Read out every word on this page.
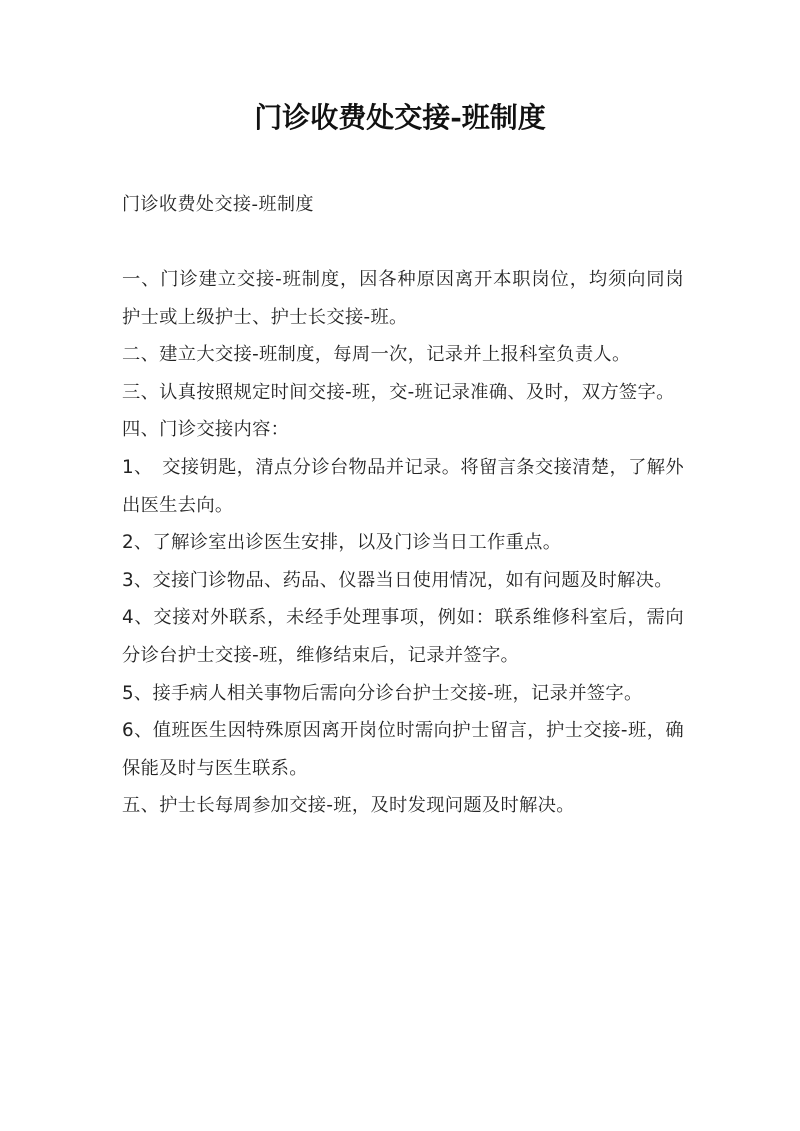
门诊收费处交接-班制度

门诊收费处交接-班制度

一、门诊建立交接-班制度，因各种原因离开本职岗位，均须向同岗护士或上级护士、护士长交接-班。

二、建立大交接-班制度，每周一次，记录并上报科室负责人。

三、认真按照规定时间交接-班，交-班记录准确、及时，双方签字。

四、门诊交接内容：

1、　交接钥匙，清点分诊台物品并记录。将留言条交接清楚，了解外出医生去向。

2、了解诊室出诊医生安排，以及门诊当日工作重点。

3、交接门诊物品、药品、仪器当日使用情况，如有问题及时解决。

4、交接对外联系，未经手处理事项，例如：联系维修科室后，需向分诊台护士交接-班，维修结束后，记录并签字。

5、接手病人相关事物后需向分诊台护士交接-班，记录并签字。

6、值班医生因特殊原因离开岗位时需向护士留言，护士交接-班，确保能及时与医生联系。

五、护士长每周参加交接-班，及时发现问题及时解决。
